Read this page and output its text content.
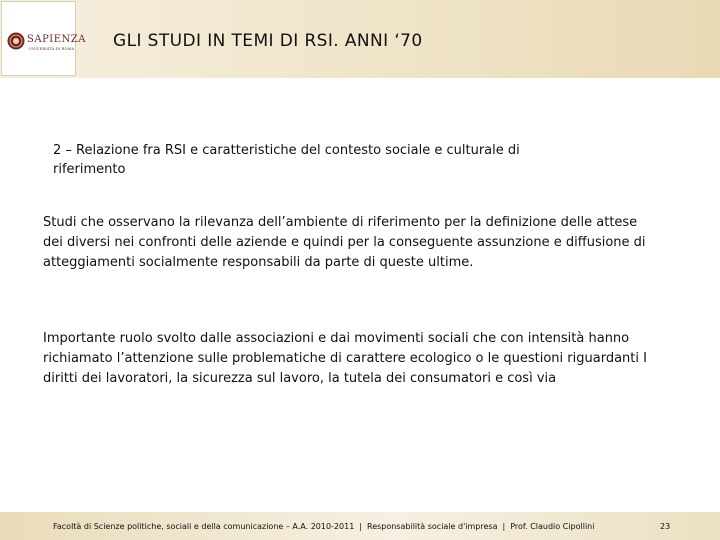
SAPIENZA
UNIVERSITÀ DI ROMA GLI STUDI IN TEMI DI RSI. ANNI ‘70
2 – Relazione fra RSI e caratteristiche del contesto sociale e culturale di riferimento
Studi che osservano la rilevanza dell’ambiente di riferimento per la definizione delle attese dei diversi nei confronti delle aziende e quindi per la conseguente assunzione e diffusione di atteggiamenti socialmente responsabili da parte di queste ultime.
Importante ruolo svolto dalle associazioni e dai movimenti sociali che con intensità hanno richiamato l’attenzione sulle problematiche di carattere ecologico o le questioni riguardanti I diritti dei lavoratori, la sicurezza sul lavoro, la tutela dei consumatori e così via
Facoltà di Scienze politiche, sociali e della comunicazione – A.A. 2010-2011 | Responsabilità sociale d'impresa | Prof. Claudio Cipollini	23
